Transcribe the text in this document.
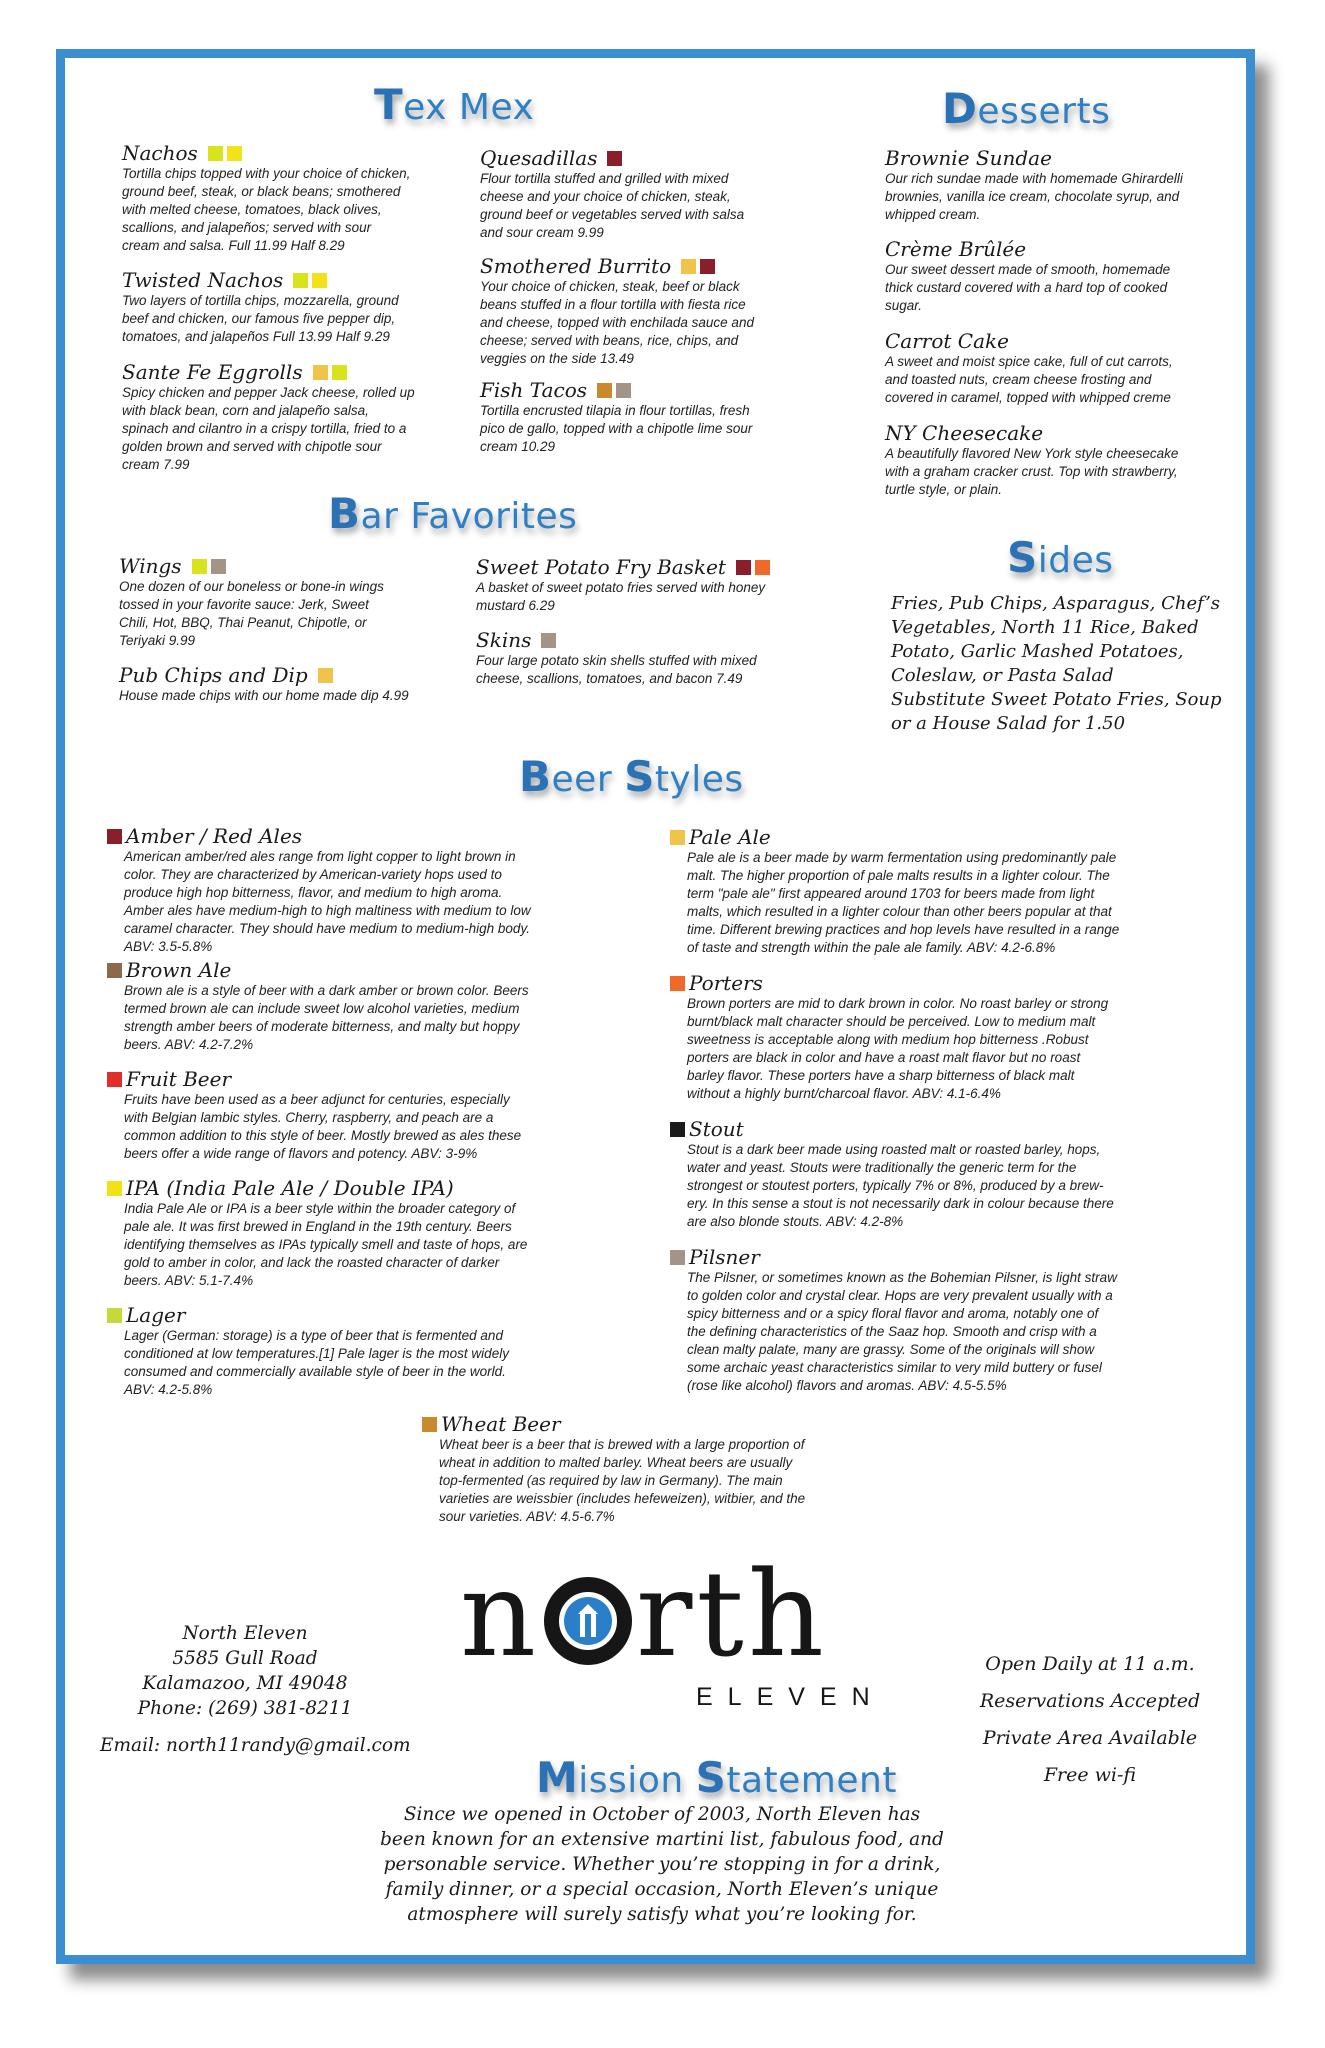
Tex Mex
Nachos
Tortilla chips topped with your choice of chicken,
ground beef, steak, or black beans; smothered
with melted cheese, tomatoes, black olives,
scallions, and jalapeños; served with sour
cream and salsa. Full 11.99 Half 8.29
Twisted Nachos
Two layers of tortilla chips, mozzarella, ground
beef and chicken, our famous five pepper dip,
tomatoes, and jalapeños Full 13.99 Half 9.29
Sante Fe Eggrolls
Spicy chicken and pepper Jack cheese, rolled up
with black bean, corn and jalapeño salsa,
spinach and cilantro in a crispy tortilla, fried to a
golden brown and served with chipotle sour
cream 7.99
Quesadillas
Flour tortilla stuffed and grilled with mixed
cheese and your choice of chicken, steak,
ground beef or vegetables served with salsa
and sour cream 9.99
Smothered Burrito
Your choice of chicken, steak, beef or black
beans stuffed in a flour tortilla with fiesta rice
and cheese, topped with enchilada sauce and
cheese; served with beans, rice, chips, and
veggies on the side 13.49
Fish Tacos
Tortilla encrusted tilapia in flour tortillas, fresh
pico de gallo, topped with a chipotle lime sour
cream 10.29
Bar Favorites
Wings
One dozen of our boneless or bone-in wings
tossed in your favorite sauce: Jerk, Sweet
Chili, Hot, BBQ, Thai Peanut, Chipotle, or
Teriyaki 9.99
Pub Chips and Dip
House made chips with our home made dip 4.99
Sweet Potato Fry Basket
A basket of sweet potato fries served with honey
mustard 6.29
Skins
Four large potato skin shells stuffed with mixed
cheese, scallions, tomatoes, and bacon 7.49
Desserts
Brownie Sundae
Our rich sundae made with homemade Ghirardelli
brownies, vanilla ice cream, chocolate syrup, and
whipped cream.
Crème Brûlée
Our sweet dessert made of smooth, homemade
thick custard covered with a hard top of cooked
sugar.
Carrot Cake
A sweet and moist spice cake, full of cut carrots,
and toasted nuts, cream cheese frosting and
covered in caramel, topped with whipped creme
NY Cheesecake
A beautifully flavored New York style cheesecake
with a graham cracker crust. Top with strawberry,
turtle style, or plain.
Sides
Fries, Pub Chips, Asparagus, Chef’s
Vegetables, North 11 Rice, Baked
Potato, Garlic Mashed Potatoes,
Coleslaw, or Pasta Salad
Substitute Sweet Potato Fries, Soup
or a House Salad for 1.50
Beer Styles
Amber / Red Ales
American amber/red ales range from light copper to light brown in
color. They are characterized by American-variety hops used to
produce high hop bitterness, flavor, and medium to high aroma.
Amber ales have medium-high to high maltiness with medium to low
caramel character. They should have medium to medium-high body.
ABV: 3.5-5.8%
Brown Ale
Brown ale is a style of beer with a dark amber or brown color. Beers
termed brown ale can include sweet low alcohol varieties, medium
strength amber beers of moderate bitterness, and malty but hoppy
beers. ABV: 4.2-7.2%
Fruit Beer
Fruits have been used as a beer adjunct for centuries, especially
with Belgian lambic styles. Cherry, raspberry, and peach are a
common addition to this style of beer. Mostly brewed as ales these
beers offer a wide range of flavors and potency. ABV: 3-9%
IPA (India Pale Ale / Double IPA)
India Pale Ale or IPA is a beer style within the broader category of
pale ale. It was first brewed in England in the 19th century. Beers
identifying themselves as IPAs typically smell and taste of hops, are
gold to amber in color, and lack the roasted character of darker
beers. ABV: 5.1-7.4%
Lager
Lager (German: storage) is a type of beer that is fermented and
conditioned at low temperatures.[1] Pale lager is the most widely
consumed and commercially available style of beer in the world.
ABV: 4.2-5.8%
Pale Ale
Pale ale is a beer made by warm fermentation using predominantly pale
malt. The higher proportion of pale malts results in a lighter colour. The
term "pale ale" first appeared around 1703 for beers made from light
malts, which resulted in a lighter colour than other beers popular at that
time. Different brewing practices and hop levels have resulted in a range
of taste and strength within the pale ale family. ABV: 4.2-6.8%
Porters
Brown porters are mid to dark brown in color. No roast barley or strong
burnt/black malt character should be perceived. Low to medium malt
sweetness is acceptable along with medium hop bitterness .Robust
porters are black in color and have a roast malt flavor but no roast
barley flavor. These porters have a sharp bitterness of black malt
without a highly burnt/charcoal flavor. ABV: 4.1-6.4%
Stout
Stout is a dark beer made using roasted malt or roasted barley, hops,
water and yeast. Stouts were traditionally the generic term for the
strongest or stoutest porters, typically 7% or 8%, produced by a brew-
ery. In this sense a stout is not necessarily dark in colour because there
are also blonde stouts. ABV: 4.2-8%
Pilsner
The Pilsner, or sometimes known as the Bohemian Pilsner, is light straw
to golden color and crystal clear. Hops are very prevalent usually with a
spicy bitterness and or a spicy floral flavor and aroma, notably one of
the defining characteristics of the Saaz hop. Smooth and crisp with a
clean malty palate, many are grassy. Some of the originals will show
some archaic yeast characteristics similar to very mild buttery or fusel
(rose like alcohol) flavors and aromas. ABV: 4.5-5.5%
Wheat Beer
Wheat beer is a beer that is brewed with a large proportion of
wheat in addition to malted barley. Wheat beers are usually
top-fermented (as required by law in Germany). The main
varieties are weissbier (includes hefeweizen), witbier, and the
sour varieties. ABV: 4.5-6.7%
North Eleven
5585 Gull Road
Kalamazoo, MI 49048
Phone: (269) 381-8211
Email: north11randy@gmail.com
n rth
ELEVEN
Open Daily at 11 a.m.
Reservations Accepted
Private Area Available
Free wi-fi
Mission Statement
Since we opened in October of 2003, North Eleven has
been known for an extensive martini list, fabulous food, and
personable service. Whether you’re stopping in for a drink,
family dinner, or a special occasion, North Eleven’s unique
atmosphere will surely satisfy what you’re looking for.
